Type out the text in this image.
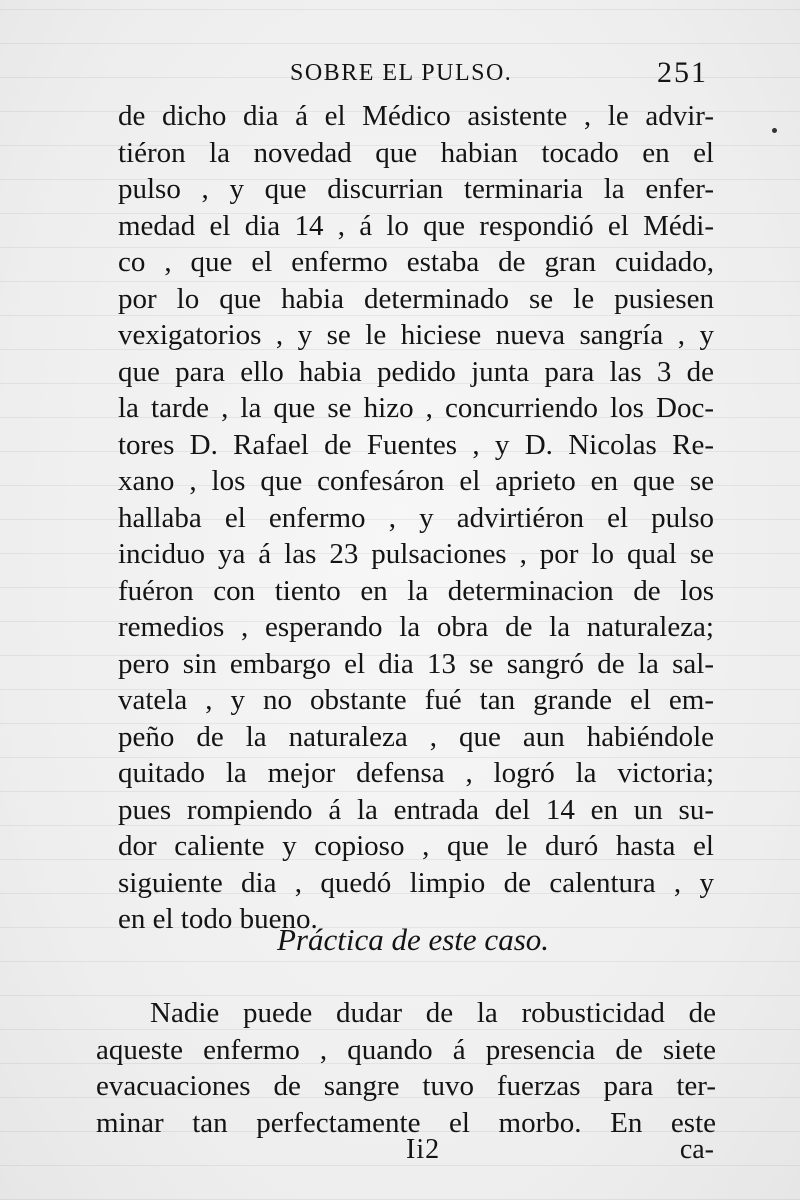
SOBRE EL PULSO.	251
de dicho dia á el Médico asistente , le advir-
tiéron la novedad que habian tocado en el
pulso , y que discurrian terminaria la enfer-
medad el dia 14 , á lo que respondió el Médi-
co , que el enfermo estaba de gran cuidado,
por lo que habia determinado se le pusiesen
vexigatorios , y se le hiciese nueva sangría , y
que para ello habia pedido junta para las 3 de
la tarde , la que se hizo , concurriendo los Doc-
tores D. Rafael de Fuentes , y D. Nicolas Re-
xano , los que confesáron el aprieto en que se
hallaba el enfermo , y advirtiéron el pulso
inciduo ya á las 23 pulsaciones , por lo qual se
fuéron con tiento en la determinacion de los
remedios , esperando la obra de la naturaleza;
pero sin embargo el dia 13 se sangró de la sal-
vatela , y no obstante fué tan grande el em-
peño de la naturaleza , que aun habiéndole
quitado la mejor defensa , logró la victoria;
pues rompiendo á la entrada del 14 en un su-
dor caliente y copioso , que le duró hasta el
siguiente dia , quedó limpio de calentura , y
en el todo bueno.
Práctica de este caso.
Nadie puede dudar de la robusticidad de
aqueste enfermo , quando á presencia de siete
evacuaciones de sangre tuvo fuerzas para ter-
minar tan perfectamente el morbo. En este
Ii2	ca-
